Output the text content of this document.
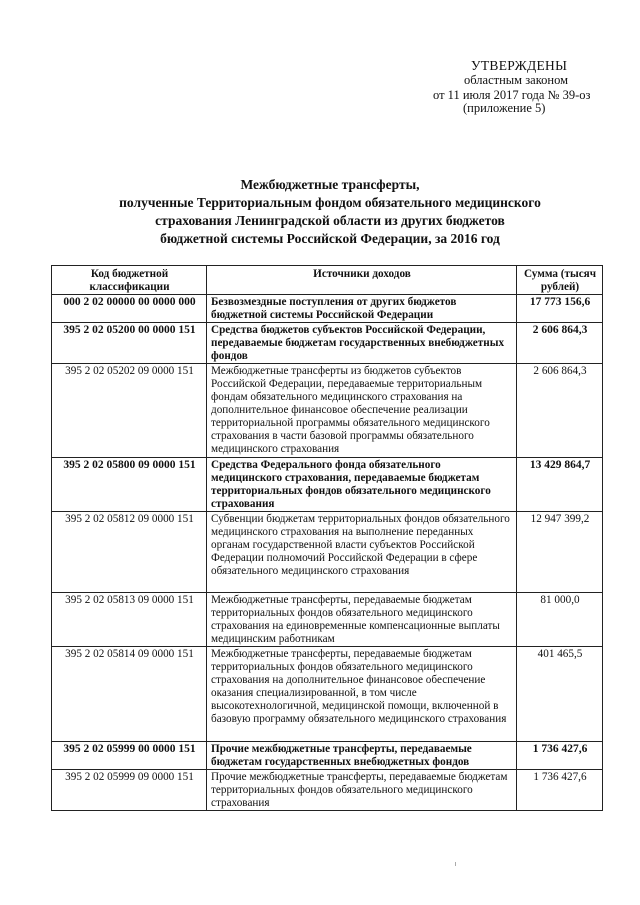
УТВЕРЖДЕНЫ
областным законом
от 11 июля 2017 года № 39-оз
(приложение 5)
Межбюджетные трансферты,
полученные Территориальным фондом обязательного медицинского
страхования Ленинградской области из других бюджетов
бюджетной системы Российской Федерации, за 2016 год
Код бюджетной классификации	Источники доходов	Сумма (тысяч рублей)
000 2 02 00000 00 0000 000	Безвозмездные поступления от других бюджетов бюджетной системы Российской Федерации	17 773 156,6
395 2 02 05200 00 0000 151	Средства бюджетов субъектов Российской Федерации, передаваемые бюджетам государственных внебюджетных фондов	2 606 864,3
395 2 02 05202 09 0000 151	Межбюджетные трансферты из бюджетов субъектов Российской Федерации, передаваемые территориальным фондам обязательного медицинского страхования на дополнительное финансовое обеспечение реализации территориальной программы обязательного медицинского страхования в части базовой программы обязательного медицинского страхования	2 606 864,3
395 2 02 05800 09 0000 151	Средства Федерального фонда обязательного медицинского страхования, передаваемые бюджетам территориальных фондов обязательного медицинского страхования	13 429 864,7
395 2 02 05812 09 0000 151	Субвенции бюджетам территориальных фондов обязательного медицинского страхования на выполнение переданных органам государственной власти субъектов Российской Федерации полномочий Российской Федерации в сфере обязательного медицинского страхования	12 947 399,2
395 2 02 05813 09 0000 151	Межбюджетные трансферты, передаваемые бюджетам территориальных фондов обязательного медицинского страхования на единовременные компенсационные выплаты медицинским работникам	81 000,0
395 2 02 05814 09 0000 151	Межбюджетные трансферты, передаваемые бюджетам территориальных фондов обязательного медицинского страхования на дополнительное финансовое обеспечение оказания специализированной, в том числе высокотехнологичной, медицинской помощи, включенной в базовую программу обязательного медицинского страхования	401 465,5
395 2 02 05999 00 0000 151	Прочие межбюджетные трансферты, передаваемые бюджетам государственных внебюджетных фондов	1 736 427,6
395 2 02 05999 09 0000 151	Прочие межбюджетные трансферты, передаваемые бюджетам территориальных фондов обязательного медицинского страхования	1 736 427,6
